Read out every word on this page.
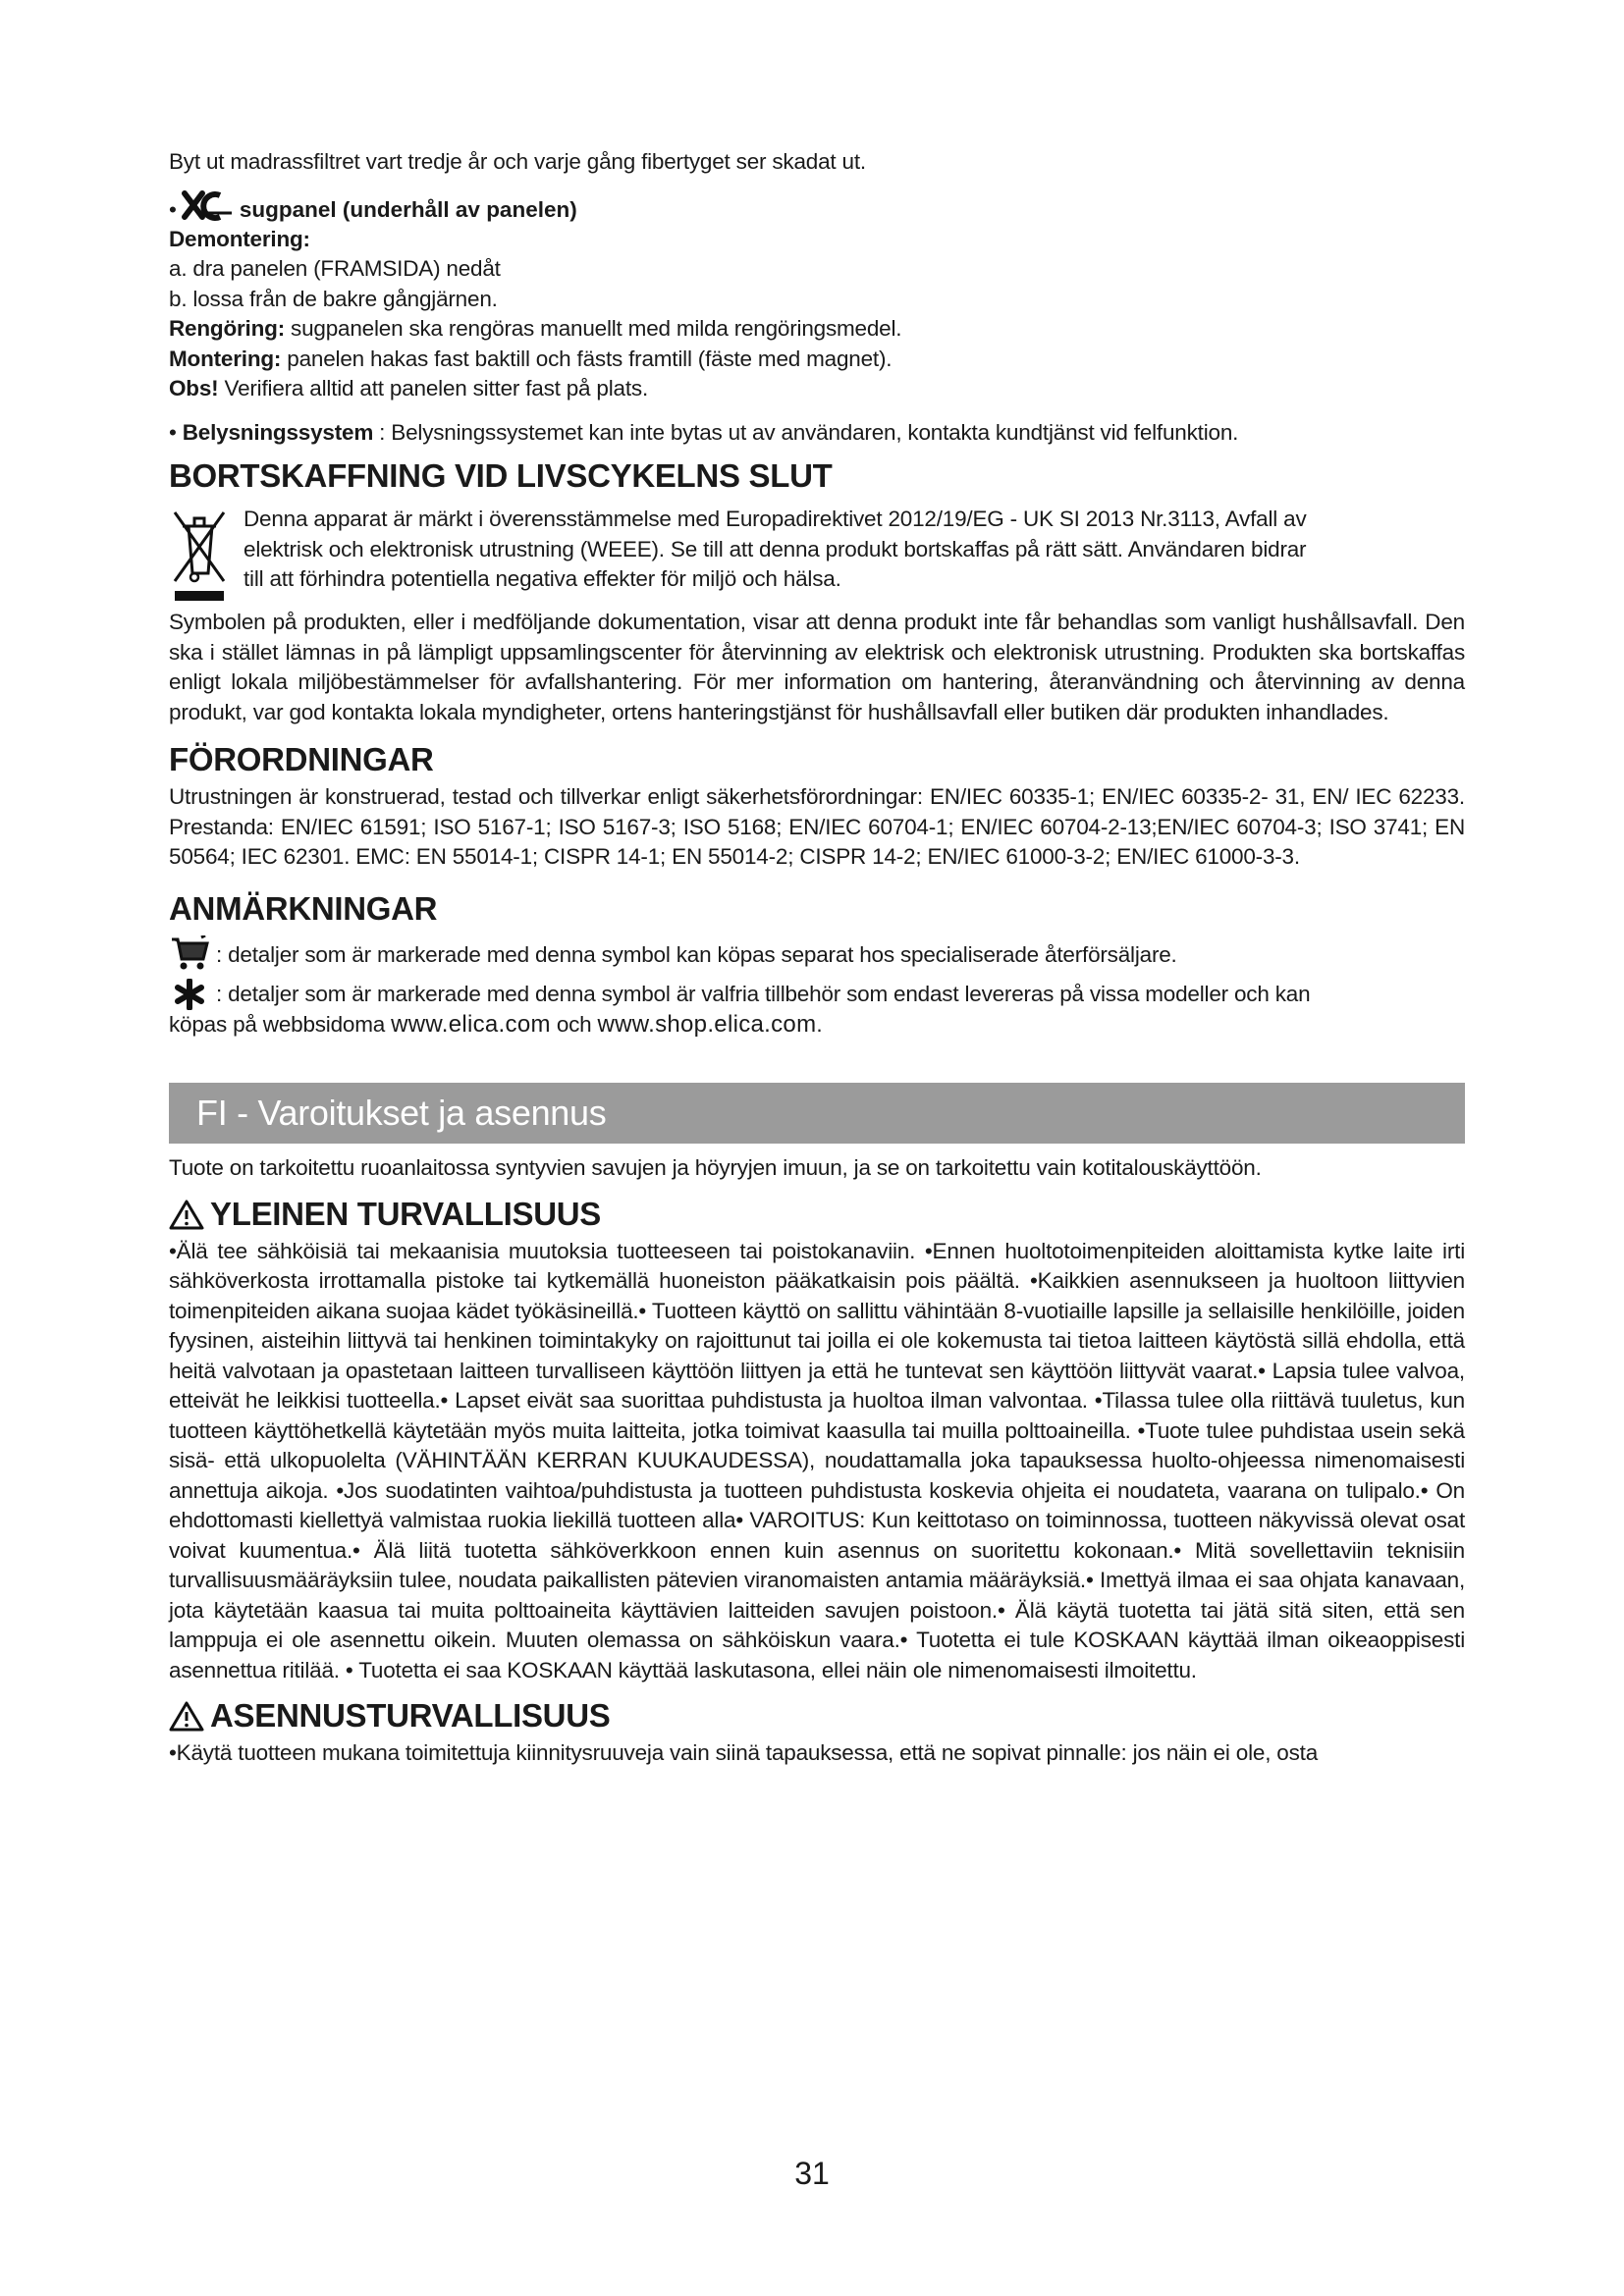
Byt ut madrassfiltret vart tredje år och varje gång fibertyget ser skadat ut.

•	sugpanel (underhåll av panelen)

Demontering:

a. dra panelen (FRAMSIDA) nedåt

b. lossa från de bakre gångjärnen.

Rengöring: sugpanelen ska rengöras manuellt med milda rengöringsmedel.

Montering: panelen hakas fast baktill och fästs framtill (fäste med magnet).

Obs! Verifiera alltid att panelen sitter fast på plats.

• Belysningssystem : Belysningssystemet kan inte bytas ut av användaren, kontakta kundtjänst vid felfunktion.

BORTSKAFFNING VID LIVSCYKELNS SLUT

Denna apparat är märkt i överensstämmelse med Europadirektivet 2012/19/EG - UK SI 2013 Nr.3113, Avfall av

elektrisk och elektronisk utrustning (WEEE). Se till att denna produkt bortskaffas på rätt sätt. Användaren bidrar

till att förhindra potentiella negativa effekter för miljö och hälsa.

Symbolen på produkten, eller i medföljande dokumentation, visar att denna produkt inte får behandlas som vanligt hushållsavfall. Den ska i stället lämnas in på lämpligt uppsamlingscenter för återvinning av elektrisk och elektronisk utrustning. Produkten ska bortskaffas enligt lokala miljöbestämmelser för avfallshantering. För mer information om hantering, återanvändning och återvinning av denna produkt, var god kontakta lokala myndigheter, ortens hanteringstjänst för hushållsavfall eller butiken där produkten inhandlades.

FÖRORDNINGAR

Utrustningen är konstruerad, testad och tillverkar enligt säkerhetsförordningar: EN/IEC 60335-1; EN/IEC 60335-2- 31, EN/ IEC 62233. Prestanda: EN/IEC 61591; ISO 5167-1; ISO 5167-3; ISO 5168; EN/IEC 60704-1; EN/IEC 60704-2-13;EN/IEC 60704-3; ISO 3741; EN 50564; IEC 62301. EMC: EN 55014-1; CISPR 14-1; EN 55014-2; CISPR 14-2; EN/IEC 61000-3-2; EN/IEC 61000-3-3.

ANMÄRKNINGAR

: detaljer som är markerade med denna symbol kan köpas separat hos specialiserade återförsäljare.

: detaljer som är markerade med denna symbol är valfria tillbehör som endast levereras på vissa modeller och kan

köpas på webbsidoma www.elica.com och www.shop.elica.com.

FI - Varoitukset ja asennus

Tuote on tarkoitettu ruoanlaitossa syntyvien savujen ja höyryjen imuun, ja se on tarkoitettu vain kotitalouskäyttöön.

YLEINEN TURVALLISUUS

•Älä tee sähköisiä tai mekaanisia muutoksia tuotteeseen tai poistokanaviin. •Ennen huoltotoimenpiteiden aloittamista kytke laite irti sähköverkosta irrottamalla pistoke tai kytkemällä huoneiston pääkatkaisin pois päältä. •Kaikkien asennukseen ja huoltoon liittyvien toimenpiteiden aikana suojaa kädet työkäsineillä.• Tuotteen käyttö on sallittu vähintään 8-vuotiaille lapsille ja sellaisille henkilöille, joiden fyysinen, aisteihin liittyvä tai henkinen toimintakyky on rajoittunut tai joilla ei ole kokemusta tai tietoa laitteen käytöstä sillä ehdolla, että heitä valvotaan ja opastetaan laitteen turvalliseen käyttöön liittyen ja että he tuntevat sen käyttöön liittyvät vaarat.• Lapsia tulee valvoa, etteivät he leikkisi tuotteella.• Lapset eivät saa suorittaa puhdistusta ja huoltoa ilman valvontaa. •Tilassa tulee olla riittävä tuuletus, kun tuotteen käyttöhetkellä käytetään myös muita laitteita, jotka toimivat kaasulla tai muilla polttoaineilla. •Tuote tulee puhdistaa usein sekä sisä- että ulkopuolelta (VÄHINTÄÄN KERRAN KUUKAUDESSA), noudattamalla joka tapauksessa huolto-ohjeessa nimenomaisesti annettuja aikoja. •Jos suodatinten vaihtoa/puhdistusta ja tuotteen puhdistusta koskevia ohjeita ei noudateta, vaarana on tulipalo.• On ehdottomasti kiellettyä valmistaa ruokia liekillä tuotteen alla• VAROITUS: Kun keittotaso on toiminnossa, tuotteen näkyvissä olevat osat voivat kuumentua.• Älä liitä tuotetta sähköverkkoon ennen kuin asennus on suoritettu kokonaan.• Mitä sovellettaviin teknisiin turvallisuusmääräyksiin tulee, noudata paikallisten pätevien viranomaisten antamia määräyksiä.• Imettyä ilmaa ei saa ohjata kanavaan, jota käytetään kaasua tai muita polttoaineita käyttävien laitteiden savujen poistoon.• Älä käytä tuotetta tai jätä sitä siten, että sen lamppuja ei ole asennettu oikein. Muuten olemassa on sähköiskun vaara.• Tuotetta ei tule KOSKAAN käyttää ilman oikeaoppisesti asennettua ritilää. • Tuotetta ei saa KOSKAAN käyttää laskutasona, ellei näin ole nimenomaisesti ilmoitettu.

ASENNUSTURVALLISUUS

•Käytä tuotteen mukana toimitettuja kiinnitysruuveja vain siinä tapauksessa, että ne sopivat pinnalle: jos näin ei ole, osta

31
